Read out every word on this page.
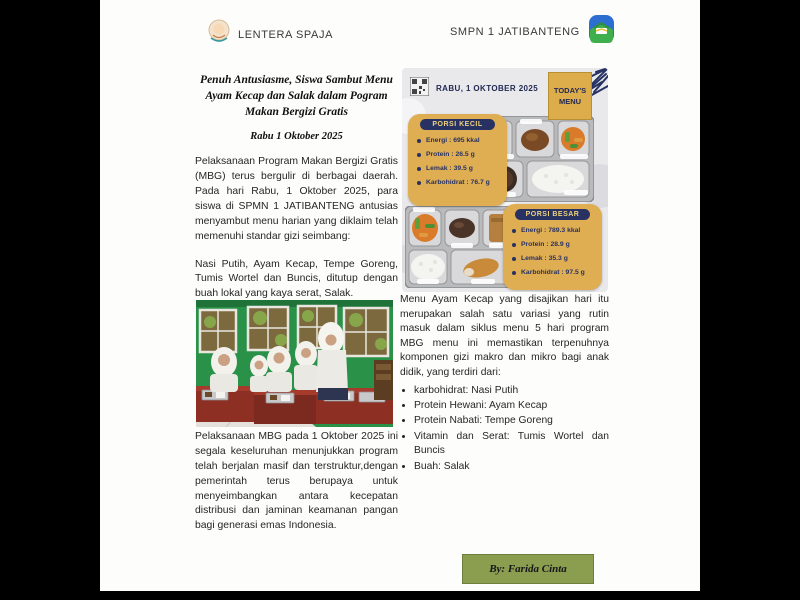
LENTERA SPAJA	SMPN 1 JATIBANTENG
Penuh Antusiasme, Siswa Sambut Menu Ayam Kecap dan Salak dalam Pogram Makan Bergizi Gratis
Rabu 1 Oktober 2025

Pelaksanaan Program Makan Bergizi Gratis (MBG) terus bergulir di berbagai daerah. Pada hari Rabu, 1 Oktober 2025, para siswa di SPMN 1 JATIBANTENG antusias menyambut menu harian yang diklaim telah memenuhi standar gizi seimbang:

Nasi Putih, Ayam Kecap, Tempe Goreng, Tumis Wortel dan Buncis, ditutup dengan buah lokal yang kaya serat, Salak.

Pelaksanaan MBG pada 1 Oktober 2025 ini segala keseluruhan menunjukkan program telah berjalan masif dan terstruktur,dengan pemerintah terus berupaya untuk menyeimbangkan antara kecepatan distribusi dan jaminan keamanan pangan bagi generasi emas Indonesia.

RABU, 1 OKTOBER 2025 TODAY'S
MENU
PORSI KECIL
Energi : 695 kkal
Protein : 26.5 g
Lemak : 39.5 g
Karbohidrat : 76.7 g
PORSI BESAR
Energi : 789.3 kkal
Protein : 28.9 g
Lemak : 35.3 g
Karbohidrat : 97.5 g
Menu Ayam Kecap yang disajikan hari itu merupakan salah satu variasi yang rutin masuk dalam siklus menu 5 hari program MBG menu ini memastikan terpenuhnya komponen gizi makro dan mikro bagi anak didik, yang terdiri dari:
• karbohidrat: Nasi Putih
• Protein Hewani: Ayam Kecap
• Protein Nabati: Tempe Goreng
• Vitamin dan Serat: Tumis Wortel dan Buncis
• Buah: Salak
By: Farida Cinta
